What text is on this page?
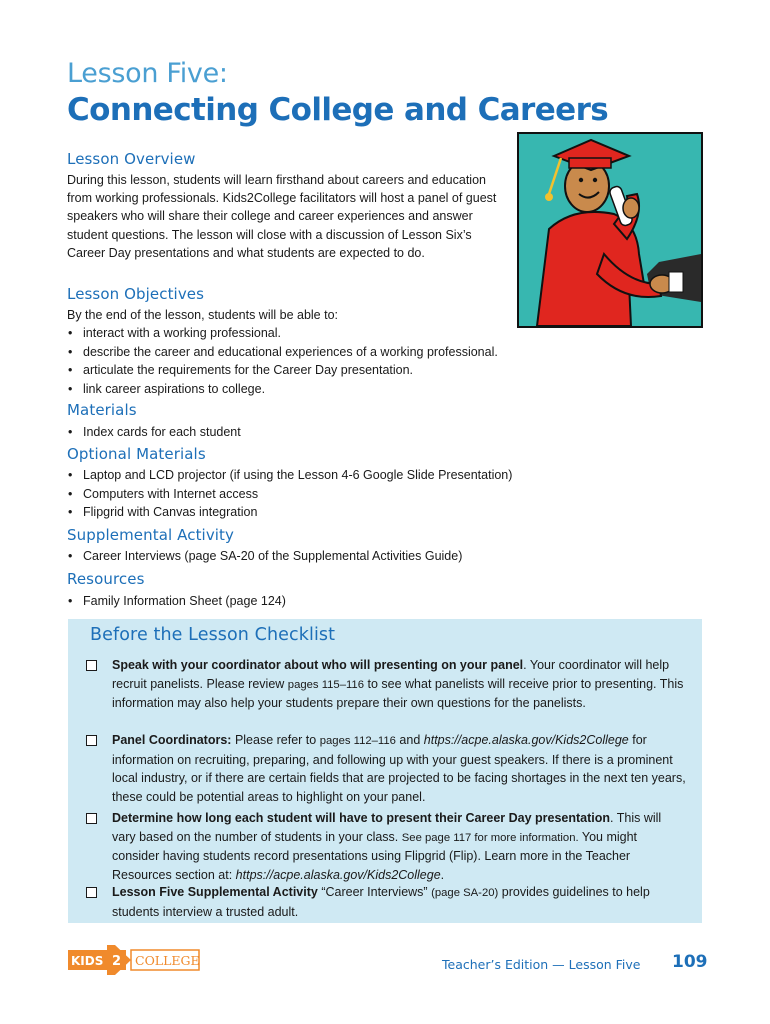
Lesson Five:
Connecting College and Careers
Lesson Overview

During this lesson, students will learn firsthand about careers and education from working professionals. Kids2College facilitators will host a panel of guest speakers who will share their college and career experiences and answer student questions. The lesson will close with a discussion of Lesson Six’s Career Day presentations and what students are expected to do.

Lesson Objectives

By the end of the lesson, students will be able to:

• interact with a working professional.
• describe the career and educational experiences of a working professional.
• articulate the requirements for the Career Day presentation.
• link career aspirations to college.
Materials
• Index cards for each student
Optional Materials
• Laptop and LCD projector (if using the Lesson 4-6 Google Slide Presentation)
• Computers with Internet access
• Flipgrid with Canvas integration
Supplemental Activity
• Career Interviews (page SA-20 of the Supplemental Activities Guide)
Resources
• Family Information Sheet (page 124)
Before the Lesson Checklist
Speak with your coordinator about who will presenting on your panel. Your coordinator will help recruit panelists. Please review pages 115–116 to see what panelists will receive prior to presenting. This information may also help your students prepare their own questions for the panelists.
Panel Coordinators: Please refer to pages 112–116 and https://acpe.alaska.gov/Kids2College for information on recruiting, preparing, and following up with your guest speakers. If there is a prominent local industry, or if there are certain fields that are projected to be facing shortages in the next ten years, these could be potential areas to highlight on your panel.
Determine how long each student will have to present their Career Day presentation. This will vary based on the number of students in your class. See page 117 for more information. You might consider having students record presentations using Flipgrid (Flip). Learn more in the Teacher Resources section at: https://acpe.alaska.gov/Kids2College.
Lesson Five Supplemental Activity “Career Interviews” (page SA-20) provides guidelines to help students interview a trusted adult.
KIDS 2 COLLEGE	Teacher’s Edition — Lesson Five 109
